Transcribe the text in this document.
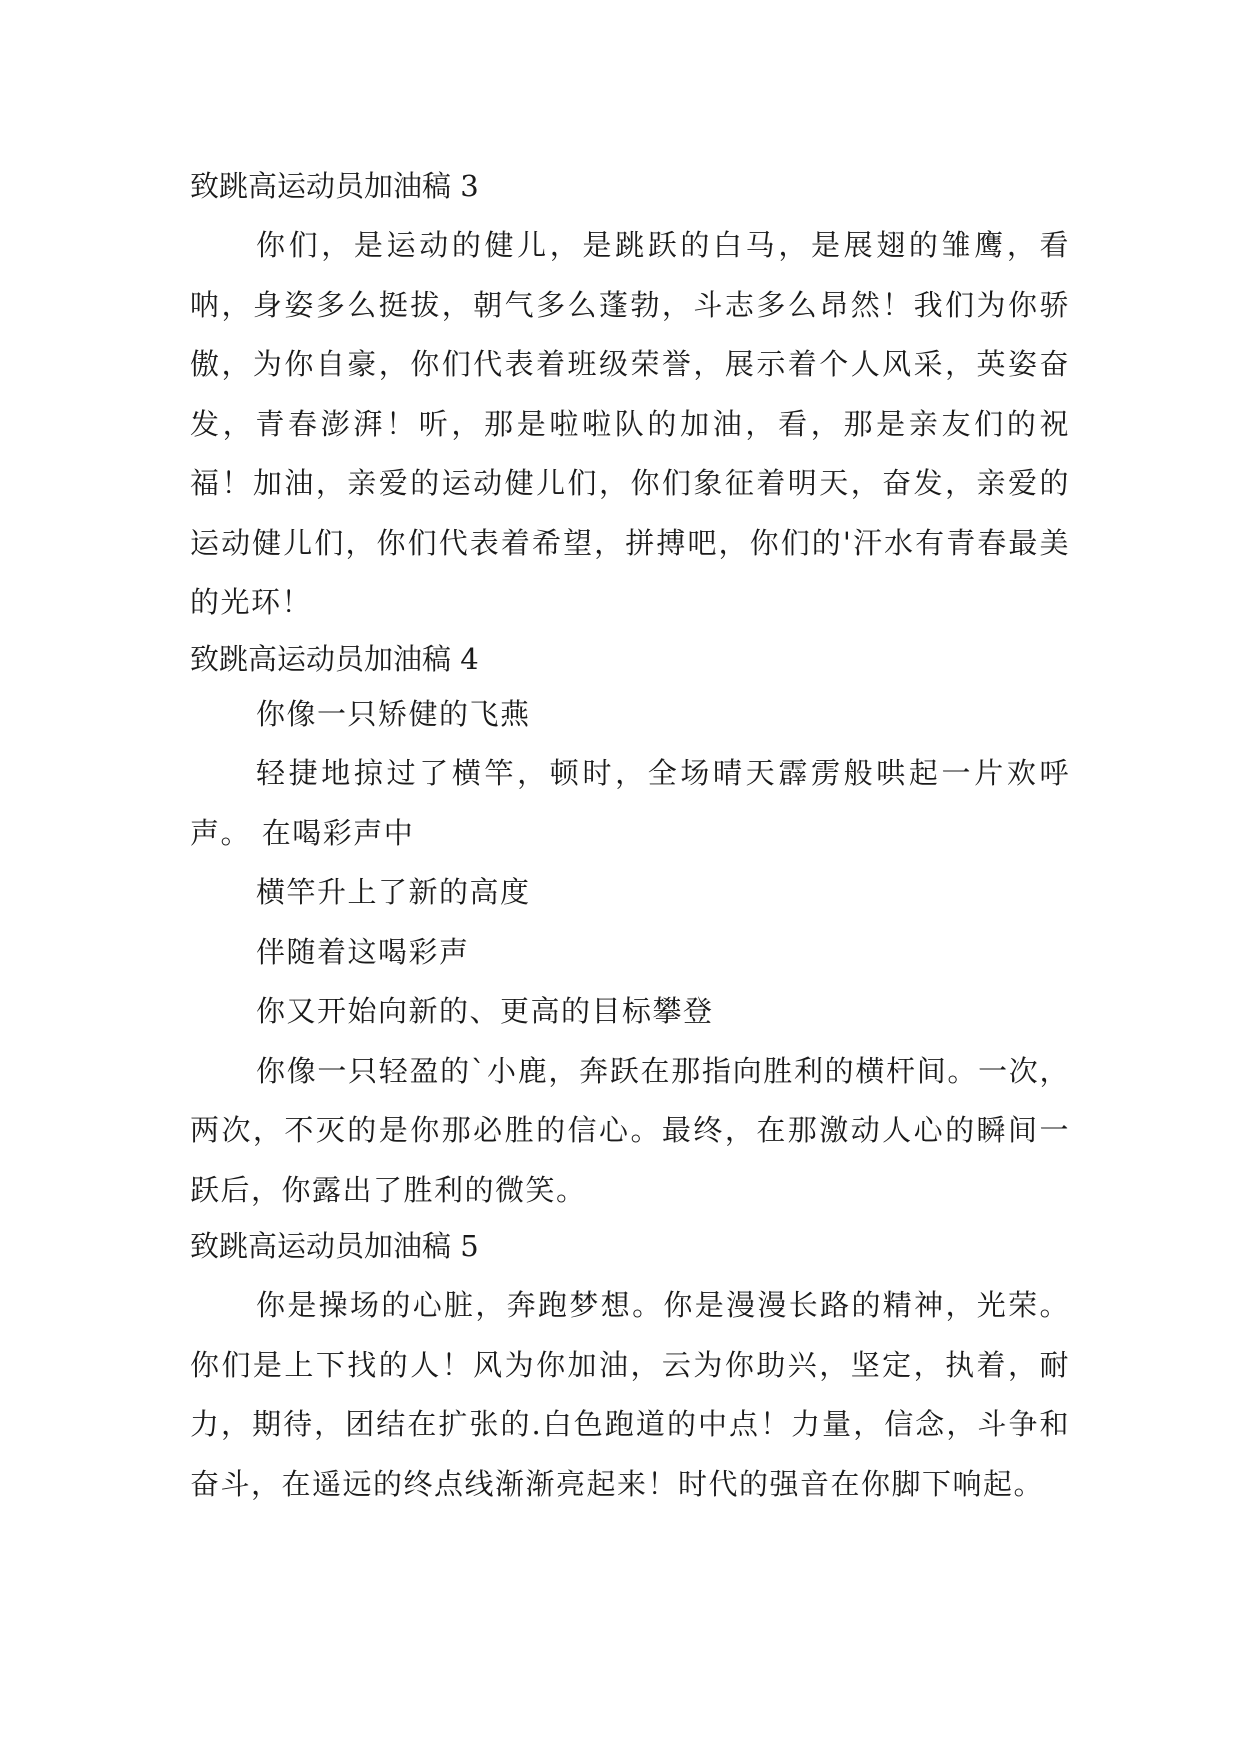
致跳高运动员加油稿 3

你们，是运动的健儿，是跳跃的白马，是展翅的雏鹰，看呐，身姿多么挺拔，朝气多么蓬勃，斗志多么昂然！我们为你骄傲，为你自豪，你们代表着班级荣誉，展示着个人风采，英姿奋发，青春澎湃！听，那是啦啦队的加油，看，那是亲友们的祝福！加油，亲爱的运动健儿们，你们象征着明天，奋发，亲爱的运动健儿们，你们代表着希望，拼搏吧，你们的'汗水有青春最美的光环！

致跳高运动员加油稿 4

你像一只矫健的飞燕

轻捷地掠过了横竿，顿时，全场晴天霹雳般哄起一片欢呼声。 在喝彩声中

横竿升上了新的高度

伴随着这喝彩声

你又开始向新的、更高的目标攀登

你像一只轻盈的`小鹿，奔跃在那指向胜利的横杆间。一次，两次，不灭的是你那必胜的信心。最终，在那激动人心的瞬间一跃后，你露出了胜利的微笑。

致跳高运动员加油稿 5

你是操场的心脏，奔跑梦想。你是漫漫长路的精神，光荣。你们是上下找的人！风为你加油，云为你助兴，坚定，执着，耐力，期待，团结在扩张的.白色跑道的中点！力量，信念，斗争和奋斗，在遥远的终点线渐渐亮起来！时代的强音在你脚下响起。
